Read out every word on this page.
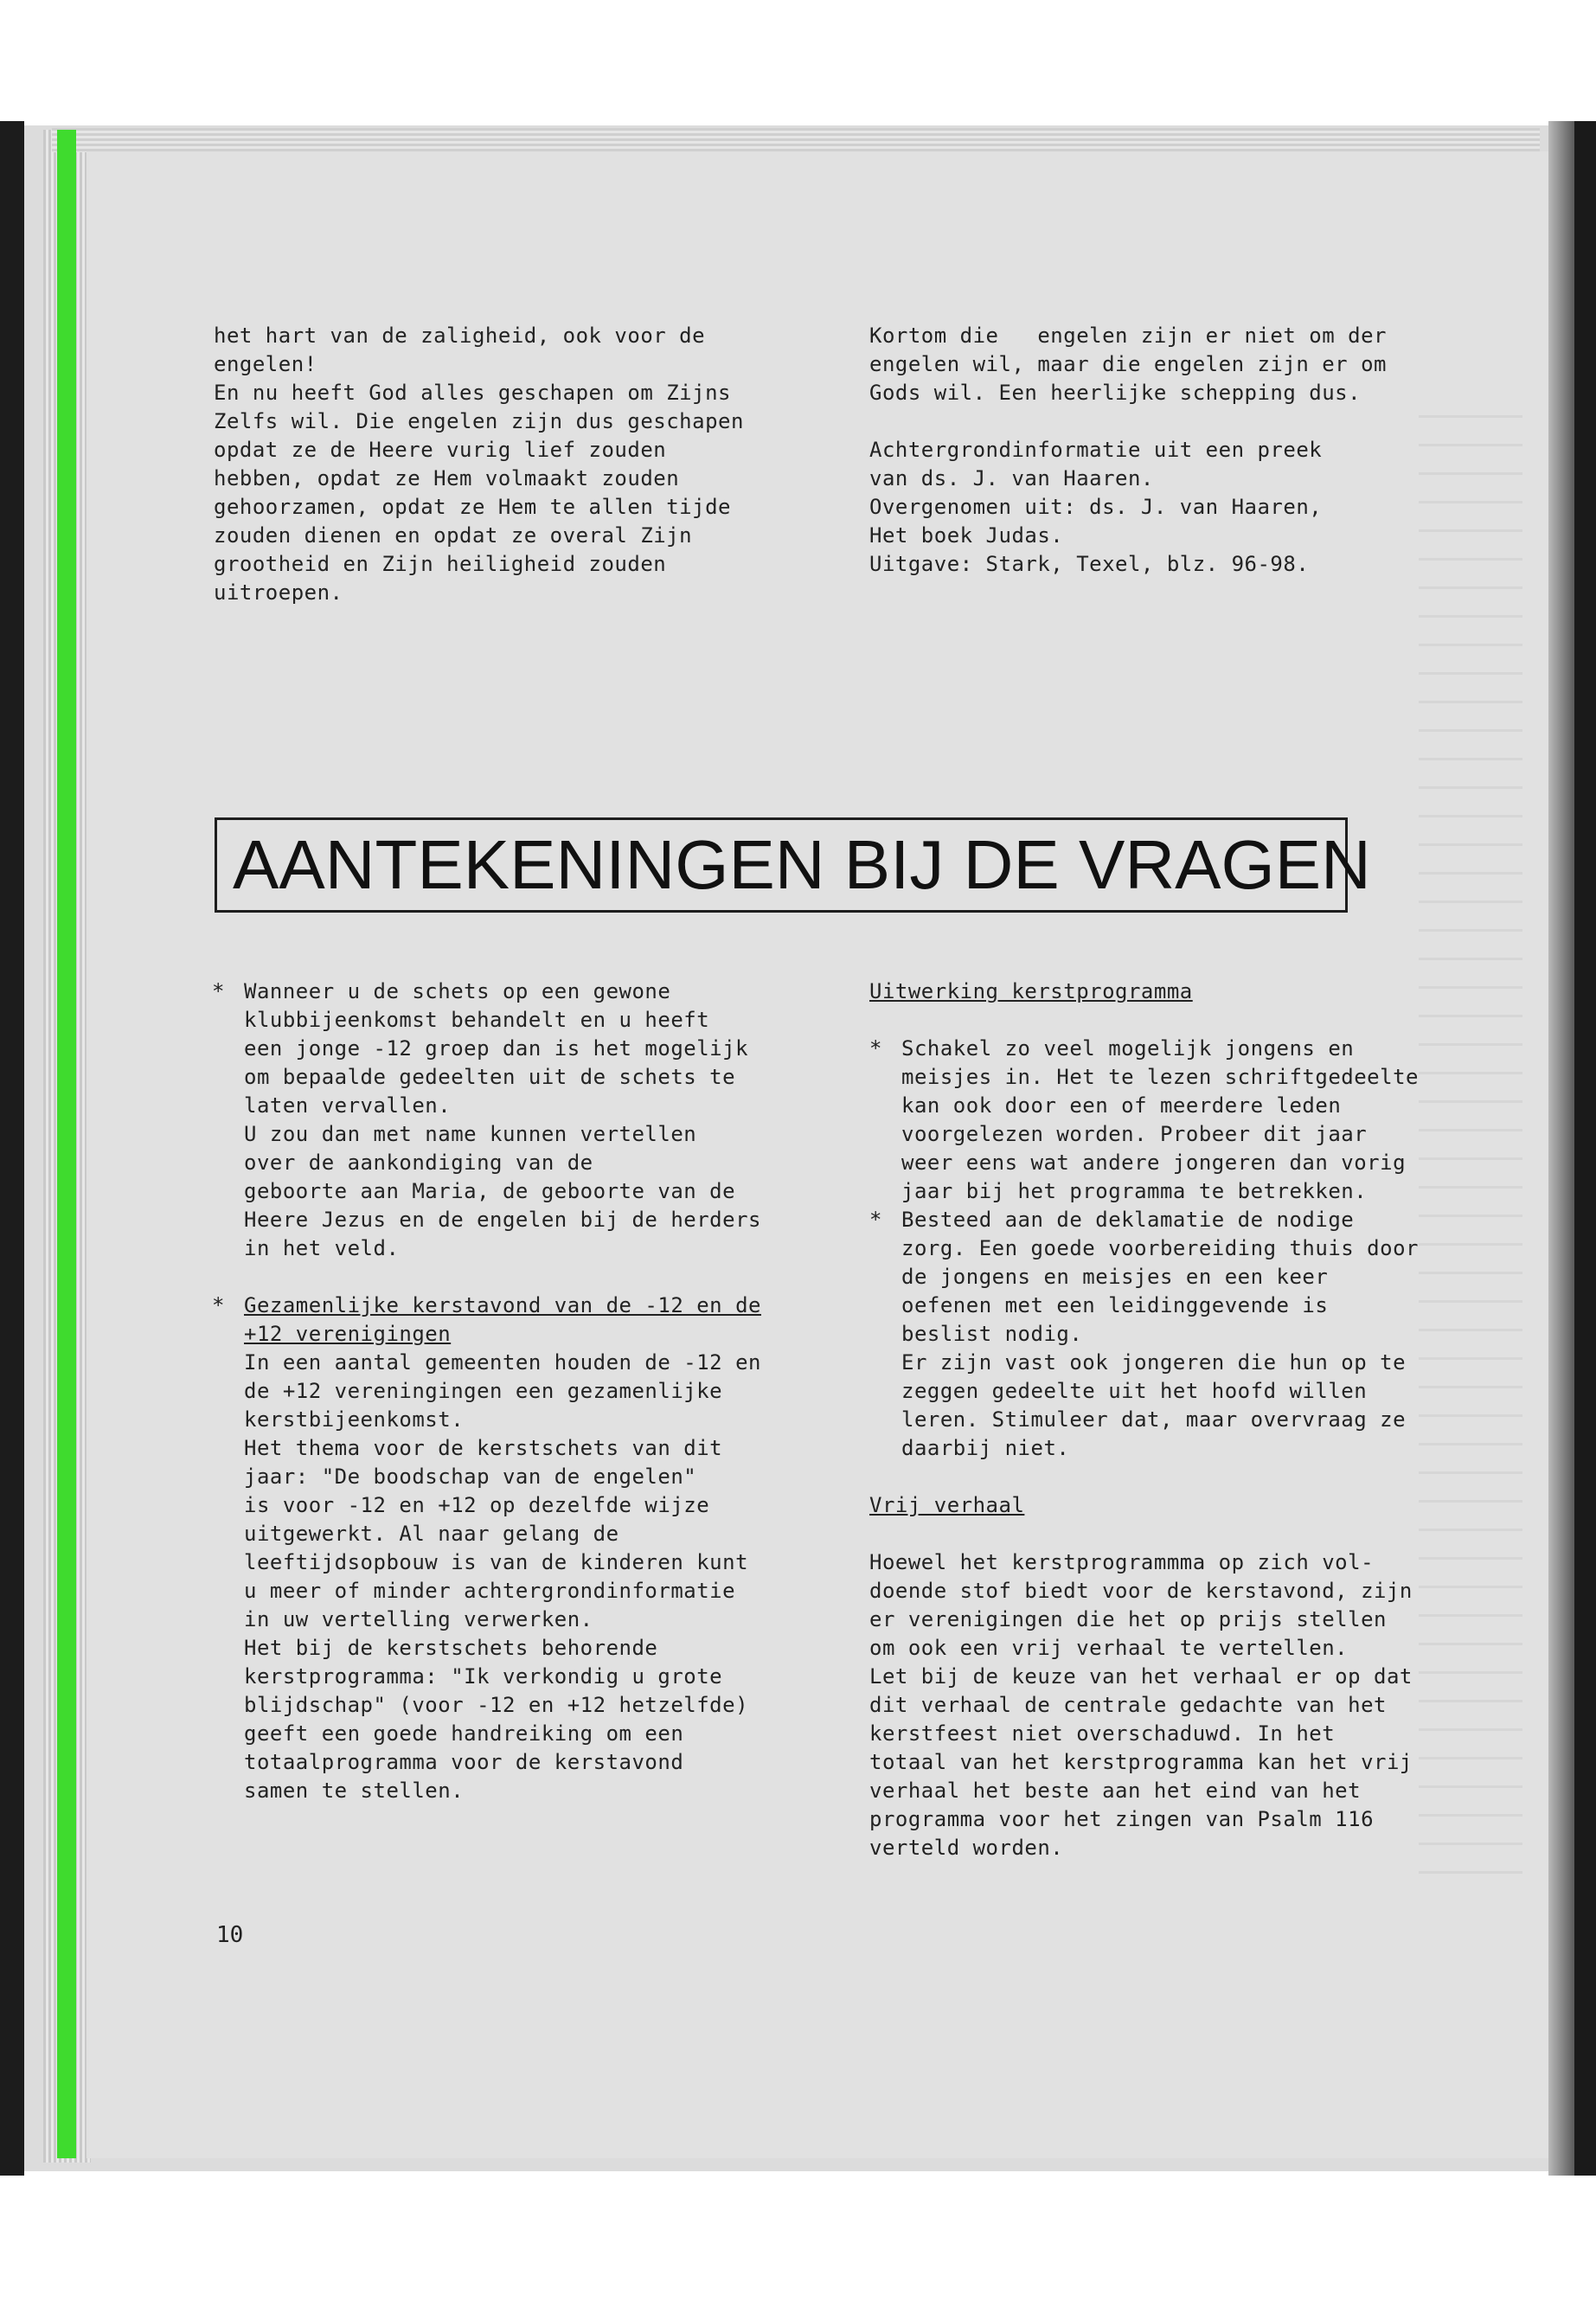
het hart van de zaligheid, ook voor de
engelen!
En nu heeft God alles geschapen om Zijns
Zelfs wil. Die engelen zijn dus geschapen
opdat ze de Heere vurig lief zouden
hebben, opdat ze Hem volmaakt zouden
gehoorzamen, opdat ze Hem te allen tijde
zouden dienen en opdat ze overal Zijn
grootheid en Zijn heiligheid zouden
uitroepen.
Kortom die   engelen zijn er niet om der
engelen wil, maar die engelen zijn er om
Gods wil. Een heerlijke schepping dus.

Achtergrondinformatie uit een preek
van ds. J. van Haaren.
Overgenomen uit: ds. J. van Haaren,
Het boek Judas.
Uitgave: Stark, Texel, blz. 96-98.
AANTEKENINGEN BIJ DE VRAGEN
* Wanneer u de schets op een gewone
klubbijeenkomst behandelt en u heeft
een jonge -12 groep dan is het mogelijk
om bepaalde gedeelten uit de schets te
laten vervallen.
U zou dan met name kunnen vertellen
over de aankondiging van de
geboorte aan Maria, de geboorte van de
Heere Jezus en de engelen bij de herders
in het veld.
* Gezamenlijke kerstavond van de -12 en de
+12 verenigingen
In een aantal gemeenten houden de -12 en
de +12 vereningingen een gezamenlijke
kerstbijeenkomst.
Het thema voor de kerstschets van dit
jaar: "De boodschap van de engelen"
is voor -12 en +12 op dezelfde wijze
uitgewerkt. Al naar gelang de
leeftijdsopbouw is van de kinderen kunt
u meer of minder achtergrondinformatie
in uw vertelling verwerken.
Het bij de kerstschets behorende
kerstprogramma: "Ik verkondig u grote
blijdschap" (voor -12 en +12 hetzelfde)
geeft een goede handreiking om een
totaalprogramma voor de kerstavond
samen te stellen.
Uitwerking kerstprogramma
* Schakel zo veel mogelijk jongens en
meisjes in. Het te lezen schriftgedeelte
kan ook door een of meerdere leden
voorgelezen worden. Probeer dit jaar
weer eens wat andere jongeren dan vorig
jaar bij het programma te betrekken.
* Besteed aan de deklamatie de nodige
zorg. Een goede voorbereiding thuis door
de jongens en meisjes en een keer
oefenen met een leidinggevende is
beslist nodig.
Er zijn vast ook jongeren die hun op te
zeggen gedeelte uit het hoofd willen
leren. Stimuleer dat, maar overvraag ze
daarbij niet.
Vrij verhaal
Hoewel het kerstprogrammma op zich vol-
doende stof biedt voor de kerstavond, zijn
er verenigingen die het op prijs stellen
om ook een vrij verhaal te vertellen.
Let bij de keuze van het verhaal er op dat
dit verhaal de centrale gedachte van het
kerstfeest niet overschaduwd. In het
totaal van het kerstprogramma kan het vrij
verhaal het beste aan het eind van het
programma voor het zingen van Psalm 116
verteld worden.
10
